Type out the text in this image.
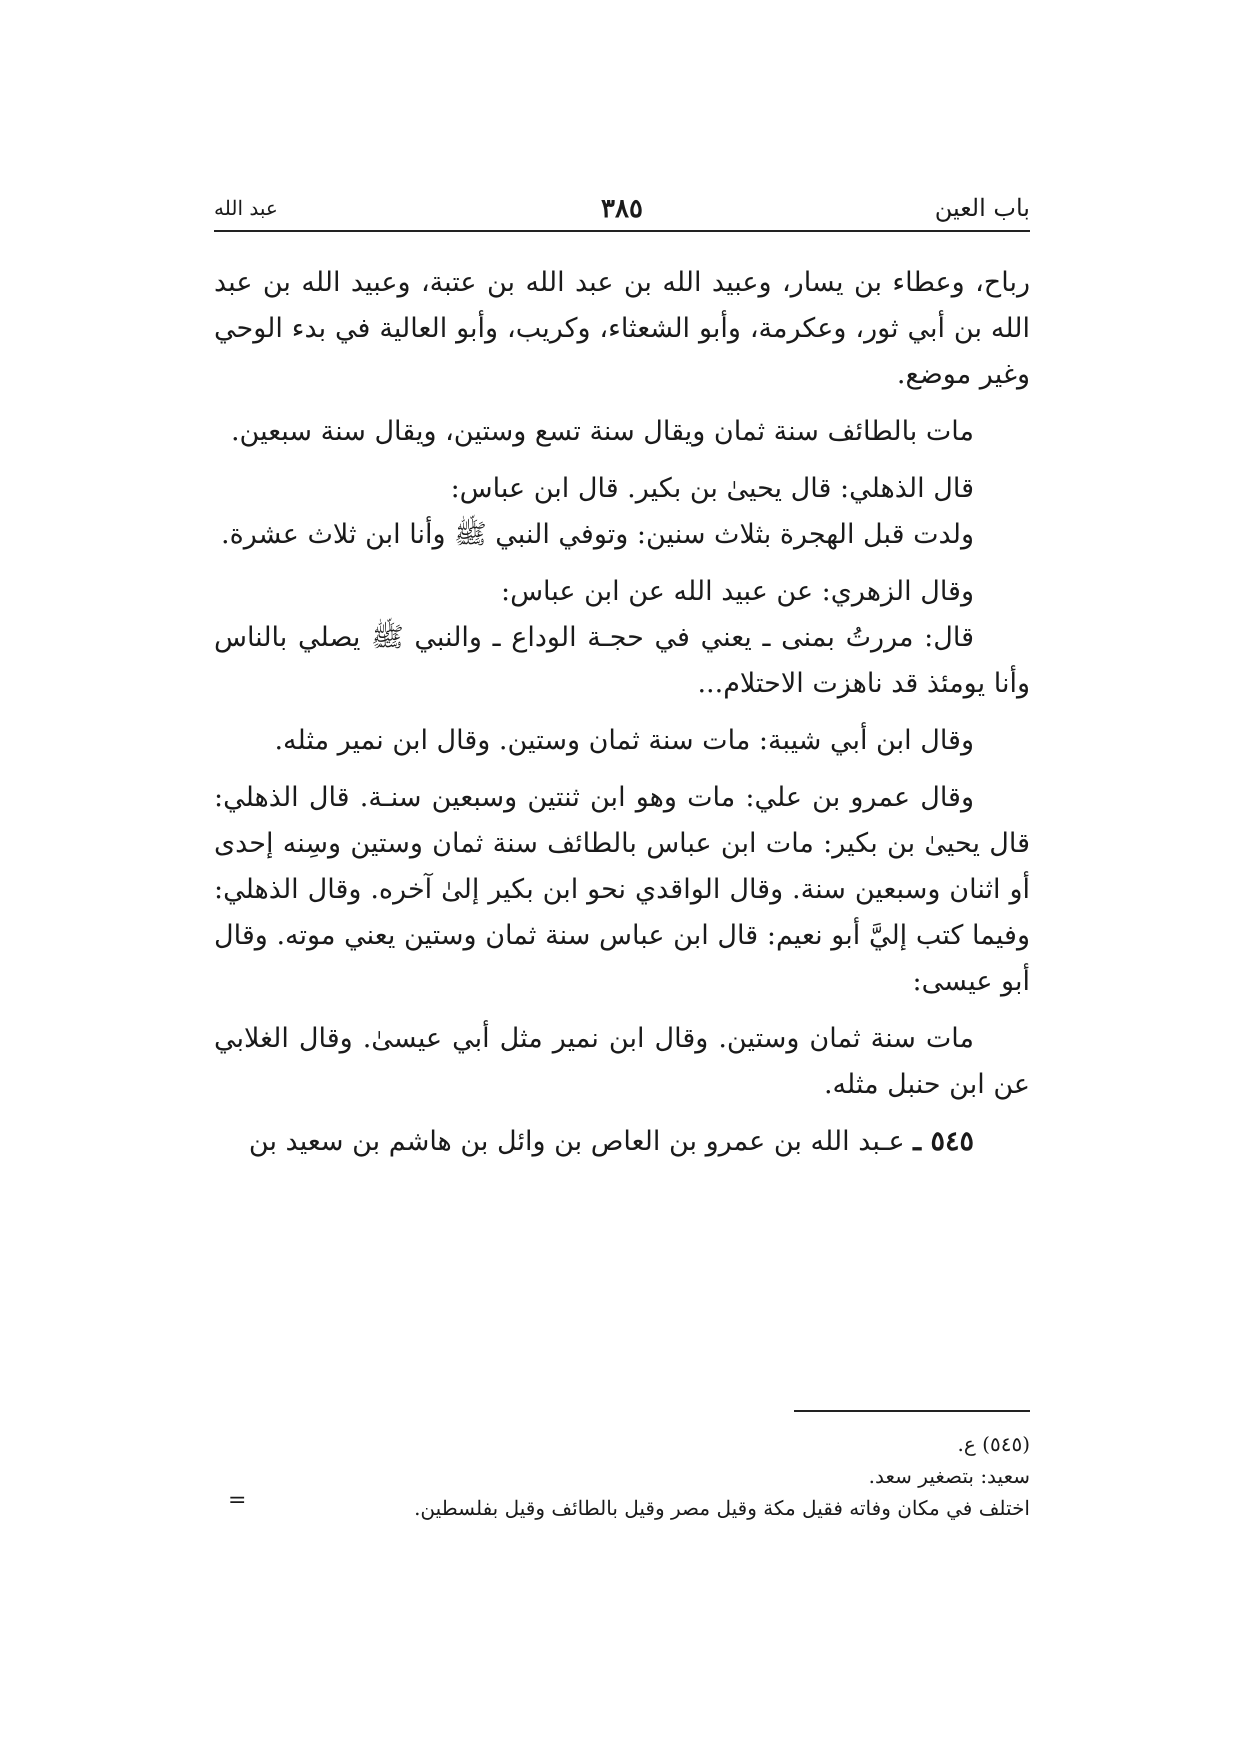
باب العين
٣٨٥
عبد الله

رباح، وعطاء بن يسار، وعبيد الله بن عبد الله بن عتبة، وعبيد الله بن عبد الله بن أبي ثور، وعكرمة، وأبو الشعثاء، وكريب، وأبو العالية في بدء الوحي وغير موضع.

مات بالطائف سنة ثمان ويقال سنة تسع وستين، ويقال سنة سبعين.

قال الذهلي: قال يحيىٰ بن بكير. قال ابن عباس:

ولدت قبل الهجرة بثلاث سنين: وتوفي النبي ﷺ وأنا ابن ثلاث عشرة.

وقال الزهري: عن عبيد الله عن ابن عباس:

قال: مررتُ بمنى ـ يعني في حجـة الوداع ـ والنبي ﷺ يصلي بالناس وأنا يومئذ قد ناهزت الاحتلام...

وقال ابن أبي شيبة: مات سنة ثمان وستين. وقال ابن نمير مثله.

وقال عمرو بن علي: مات وهو ابن ثنتين وسبعين سنـة. قال الذهلي: قال يحيىٰ بن بكير: مات ابن عباس بالطائف سنة ثمان وستين وسِنه إحدى أو اثنان وسبعين سنة. وقال الواقدي نحو ابن بكير إلىٰ آخره. وقال الذهلي: وفيما كتب إليَّ أبو نعيم: قال ابن عباس سنة ثمان وستين يعني موته. وقال أبو عيسى:

مات سنة ثمان وستين. وقال ابن نمير مثل أبي عيسىٰ. وقال الغلابي عن ابن حنبل مثله.

٥٤٥ ـ عـبد الله بن عمرو بن العاص بن وائل بن هاشم بن سعيد بن

(٥٤٥) ع.

سعيد: بتصغير سعد.

اختلف في مكان وفاته فقيل مكة وقيل مصر وقيل بالطائف وقيل بفلسطين.

=
